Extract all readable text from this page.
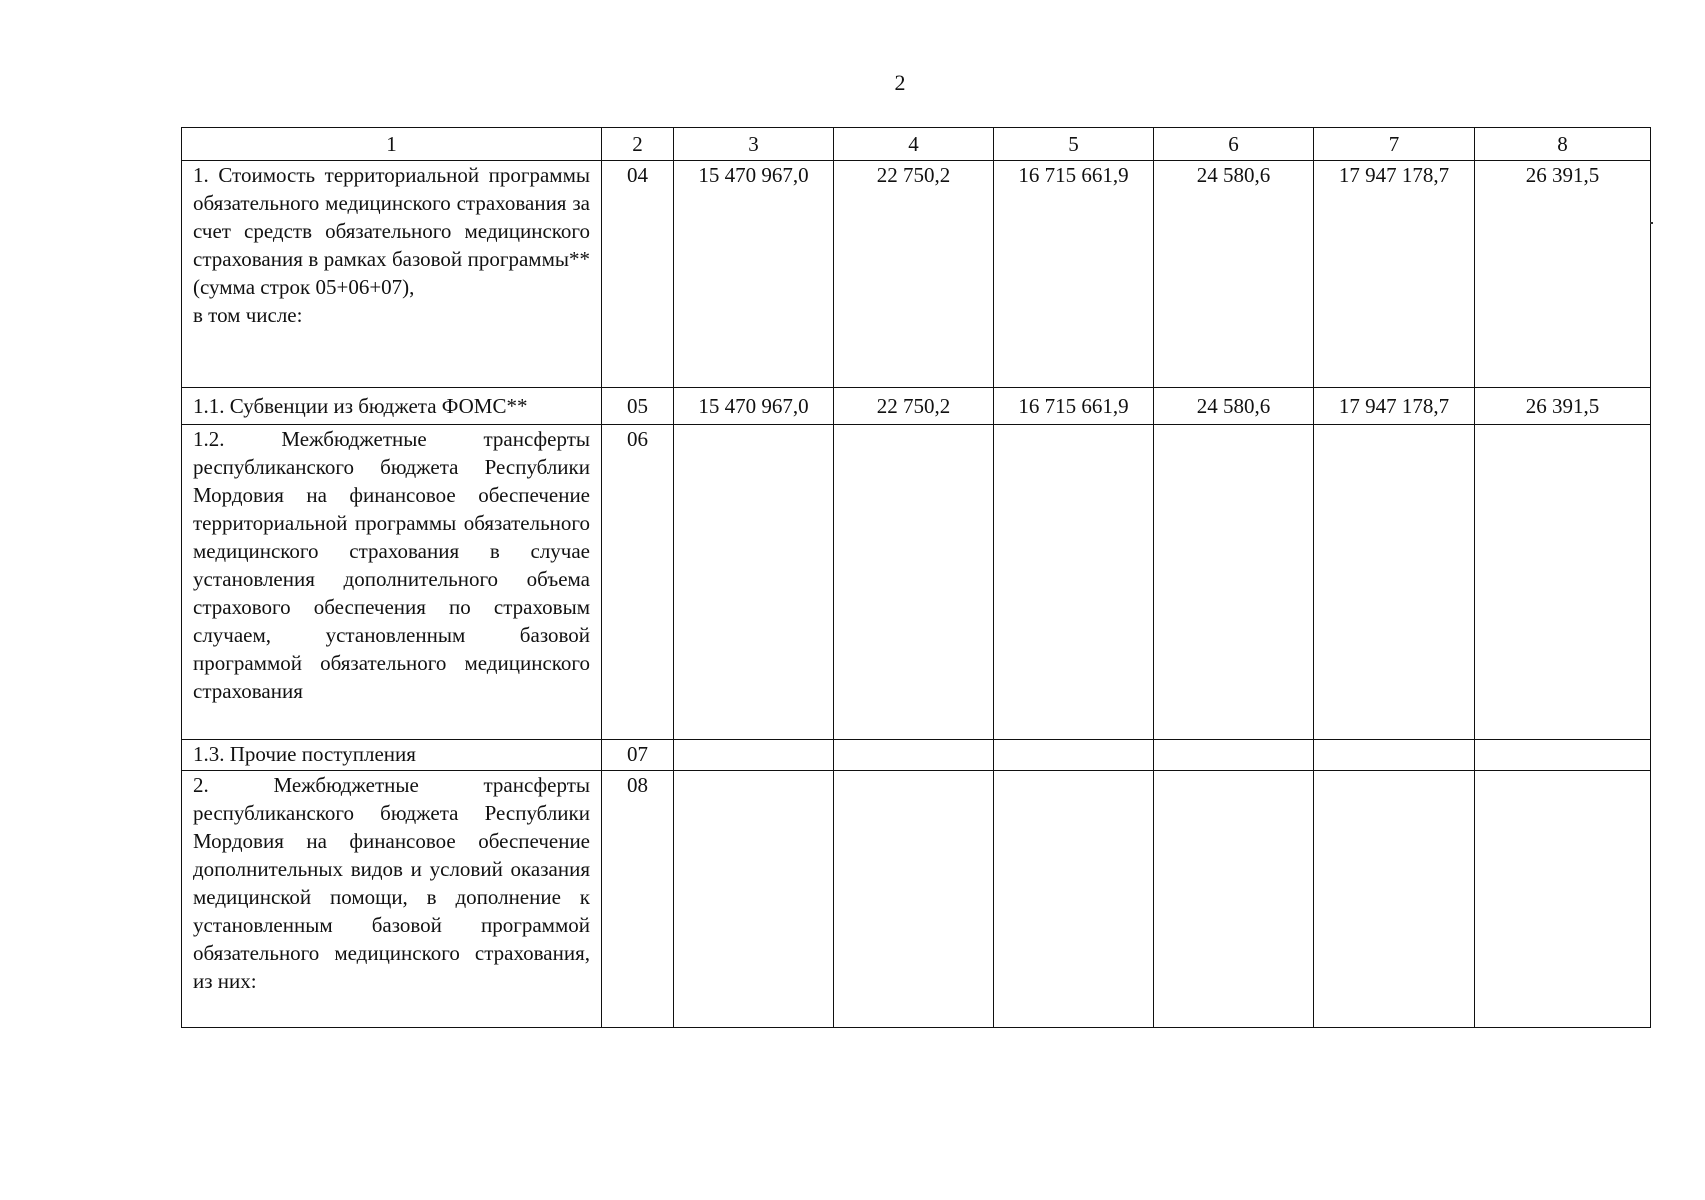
2
1	2	3	4	5	6	7	8

1. Стоимость территориальной программы обязательного медицинского страхования за счет средств обязательного медицинского страхования в рамках базовой программы** (сумма строк 05+06+07),
в том числе:	04	15 470 967,0	22 750,2	16 715 661,9	24 580,6	17 947 178,7	26 391,5
1.1. Субвенции из бюджета ФОМС**	05	15 470 967,0	22 750,2	16 715 661,9	24 580,6	17 947 178,7	26 391,5
1.2. Межбюджетные трансферты республиканского бюджета Республики Мордовия на финансовое обеспечение территориальной программы обязательного медицинского страхования в случае установления дополнительного объема страхового обеспечения по страховым случаем, установленным базовой программой обязательного медицинского страхования	06						
1.3. Прочие поступления	07						
2. Межбюджетные трансферты республиканского бюджета Республики Мордовия на финансовое обеспечение дополнительных видов и условий оказания медицинской помощи, в дополнение к установленным базовой программой обязательного медицинского страхования, из них:	08						
